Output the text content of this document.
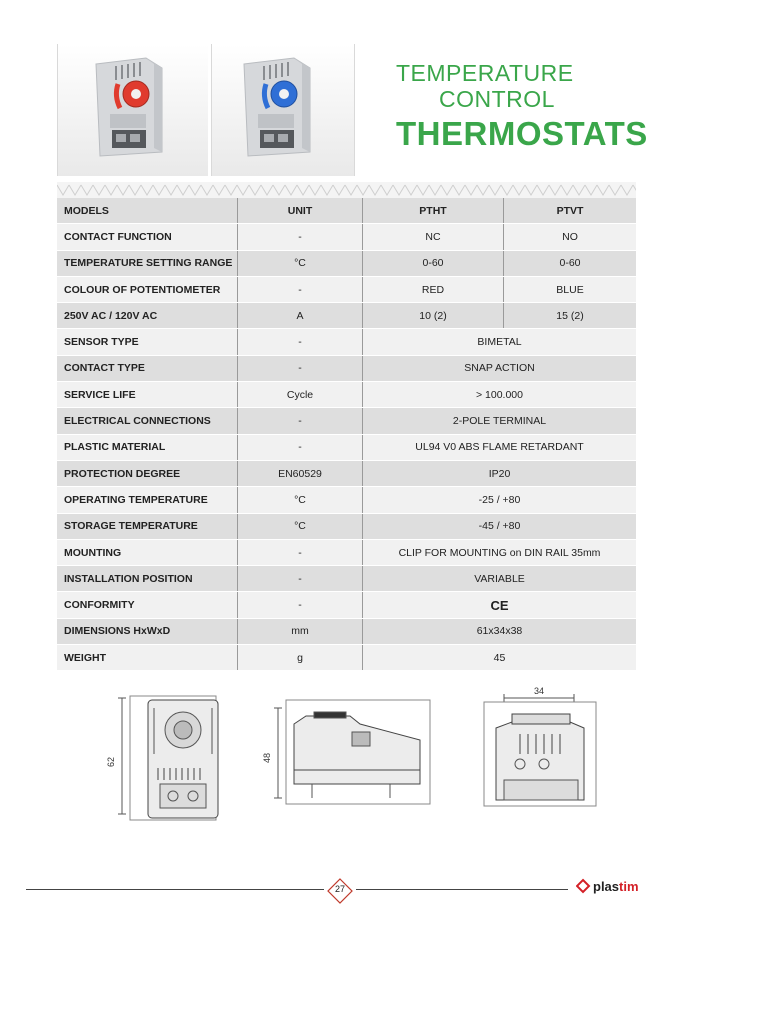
TEMPERATURE
CONTROL
THERMOSTATS
MODELS	UNIT	PTHT	PTVT
CONTACT FUNCTION	-	NC	NO
TEMPERATURE SETTING RANGE	°C	0-60	0-60
COLOUR OF POTENTIOMETER	-	RED	BLUE
250V AC / 120V AC	A	10 (2)	15 (2)
SENSOR TYPE	-	BIMETAL	
CONTACT TYPE	-	SNAP ACTION	
SERVICE LIFE	Cycle	> 100.000	
ELECTRICAL CONNECTIONS	-	2-POLE TERMINAL	
PLASTIC MATERIAL	-	UL94 V0 ABS FLAME RETARDANT	
PROTECTION DEGREE	EN60529	IP20	
OPERATING TEMPERATURE	°C	-25 / +80	
STORAGE TEMPERATURE	°C	-45 / +80	
MOUNTING	-	CLIP FOR MOUNTING on DIN RAIL 35mm	
INSTALLATION POSITION	-	VARIABLE	
CONFORMITY	-	CE	
DIMENSIONS HxWxD	mm	61x34x38	
WEIGHT	g	45	
62	48
34
27	plastim
